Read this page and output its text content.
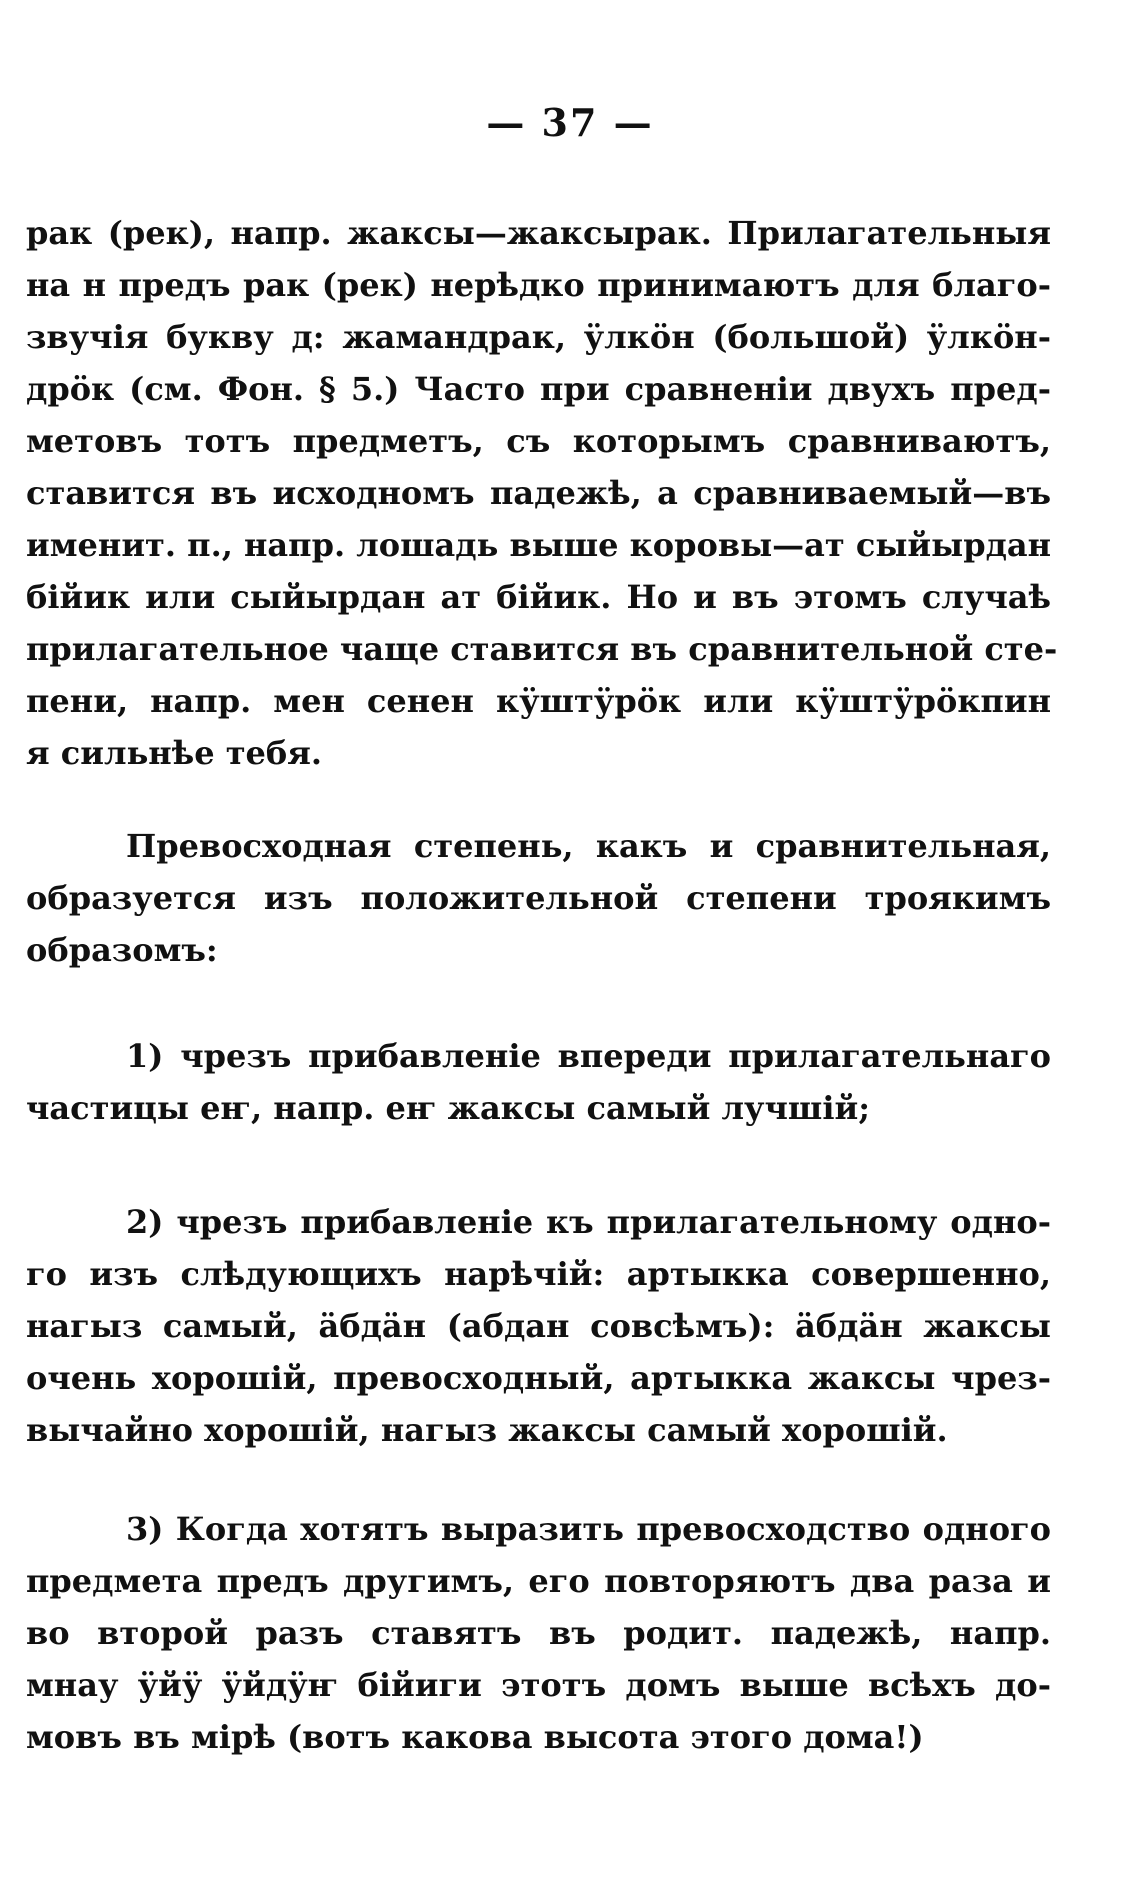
— 37 —
рак (рек), напр. жаксы—жаксырак. Прилагательныя
на н предъ рак (рек) нерѣдко принимаютъ для благо-
звучія букву д: жамандрак, ӱлкӧн (большой) ӱлкӧн-
дрӧк (см. Фон. § 5.) Часто при сравненіи двухъ пред-
метовъ тотъ предметъ, съ которымъ сравниваютъ,
ставится въ исходномъ падежѣ, а сравниваемый—въ
именит. п., напр. лошадь выше коровы—ат сыйырдан
бійик или сыйырдан ат бійик. Но и въ этомъ случаѣ
прилагательное чаще ставится въ сравнительной сте-
пени, напр. мен сенен кӱштӱрӧк или кӱштӱрӧкпин
я сильнѣе тебя.
Превосходная степень, какъ и сравнительная,
образуется изъ положительной степени троякимъ
образомъ:
1) чрезъ прибавленіе впереди прилагательнаго
частицы еҥ, напр. еҥ жаксы самый лучшій;
2) чрезъ прибавленіе къ прилагательному одно-
го изъ слѣдующихъ нарѣчій: артыкка совершенно,
нагыз самый, ӓбдӓн (абдан совсѣмъ): ӓбдӓн жаксы
очень хорошій, превосходный, артыкка жаксы чрез-
вычайно хорошій, нагыз жаксы самый хорошій.
3) Когда хотятъ выразить превосходство одного
предмета предъ другимъ, его повторяютъ два раза и
во второй разъ ставятъ въ родит. падежѣ, напр.
мнау ӱйӱ ӱйдӱҥ бійиги этотъ домъ выше всѣхъ до-
мовъ въ мірѣ (вотъ какова высота этого дома!)
